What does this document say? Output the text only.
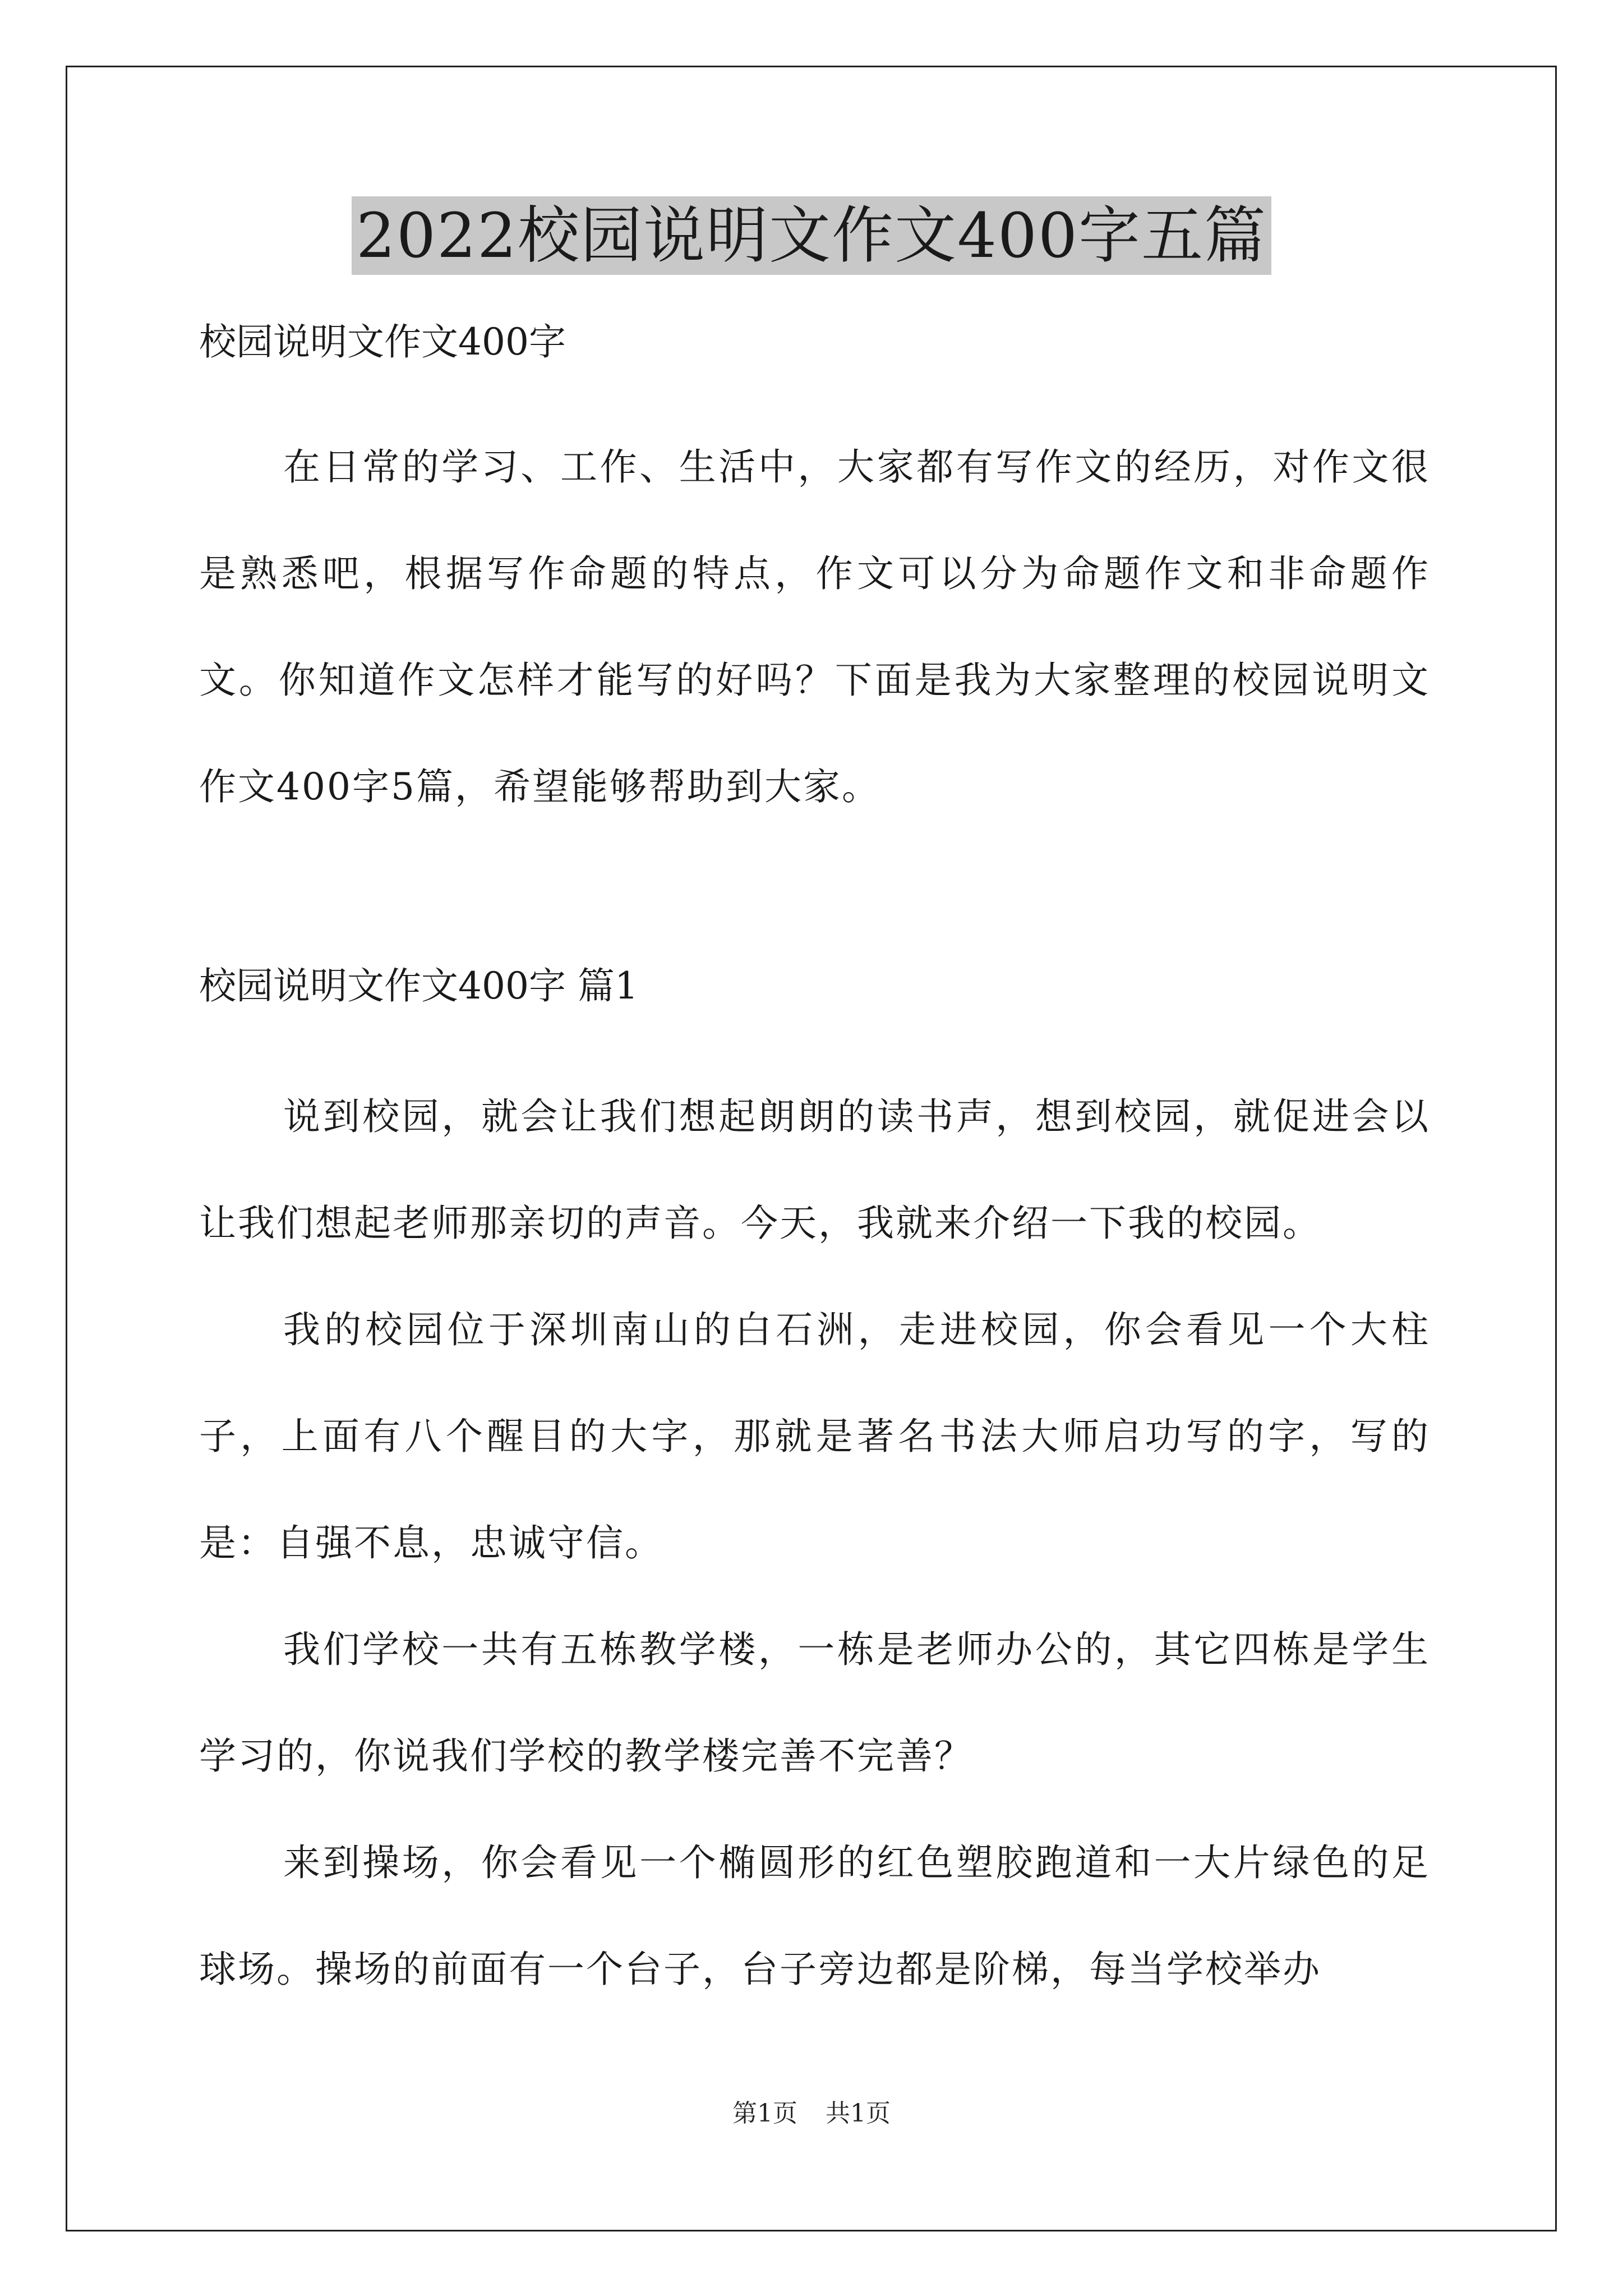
2022校园说明文作文400字五篇

校园说明文作文400字

在日常的学习、工作、生活中，大家都有写作文的经历，对作文很是熟悉吧，根据写作命题的特点，作文可以分为命题作文和非命题作文。你知道作文怎样才能写的好吗？下面是我为大家整理的校园说明文作文400字5篇，希望能够帮助到大家。

校园说明文作文400字 篇1

说到校园，就会让我们想起朗朗的读书声，想到校园，就促进会以让我们想起老师那亲切的声音。今天，我就来介绍一下我的校园。

我的校园位于深圳南山的白石洲，走进校园，你会看见一个大柱子，上面有八个醒目的大字，那就是著名书法大师启功写的字，写的是：自强不息，忠诚守信。

我们学校一共有五栋教学楼，一栋是老师办公的，其它四栋是学生学习的，你说我们学校的教学楼完善不完善？

来到操场，你会看见一个椭圆形的红色塑胶跑道和一大片绿色的足球场。操场的前面有一个台子，台子旁边都是阶梯，每当学校举办

第1页 共1页
